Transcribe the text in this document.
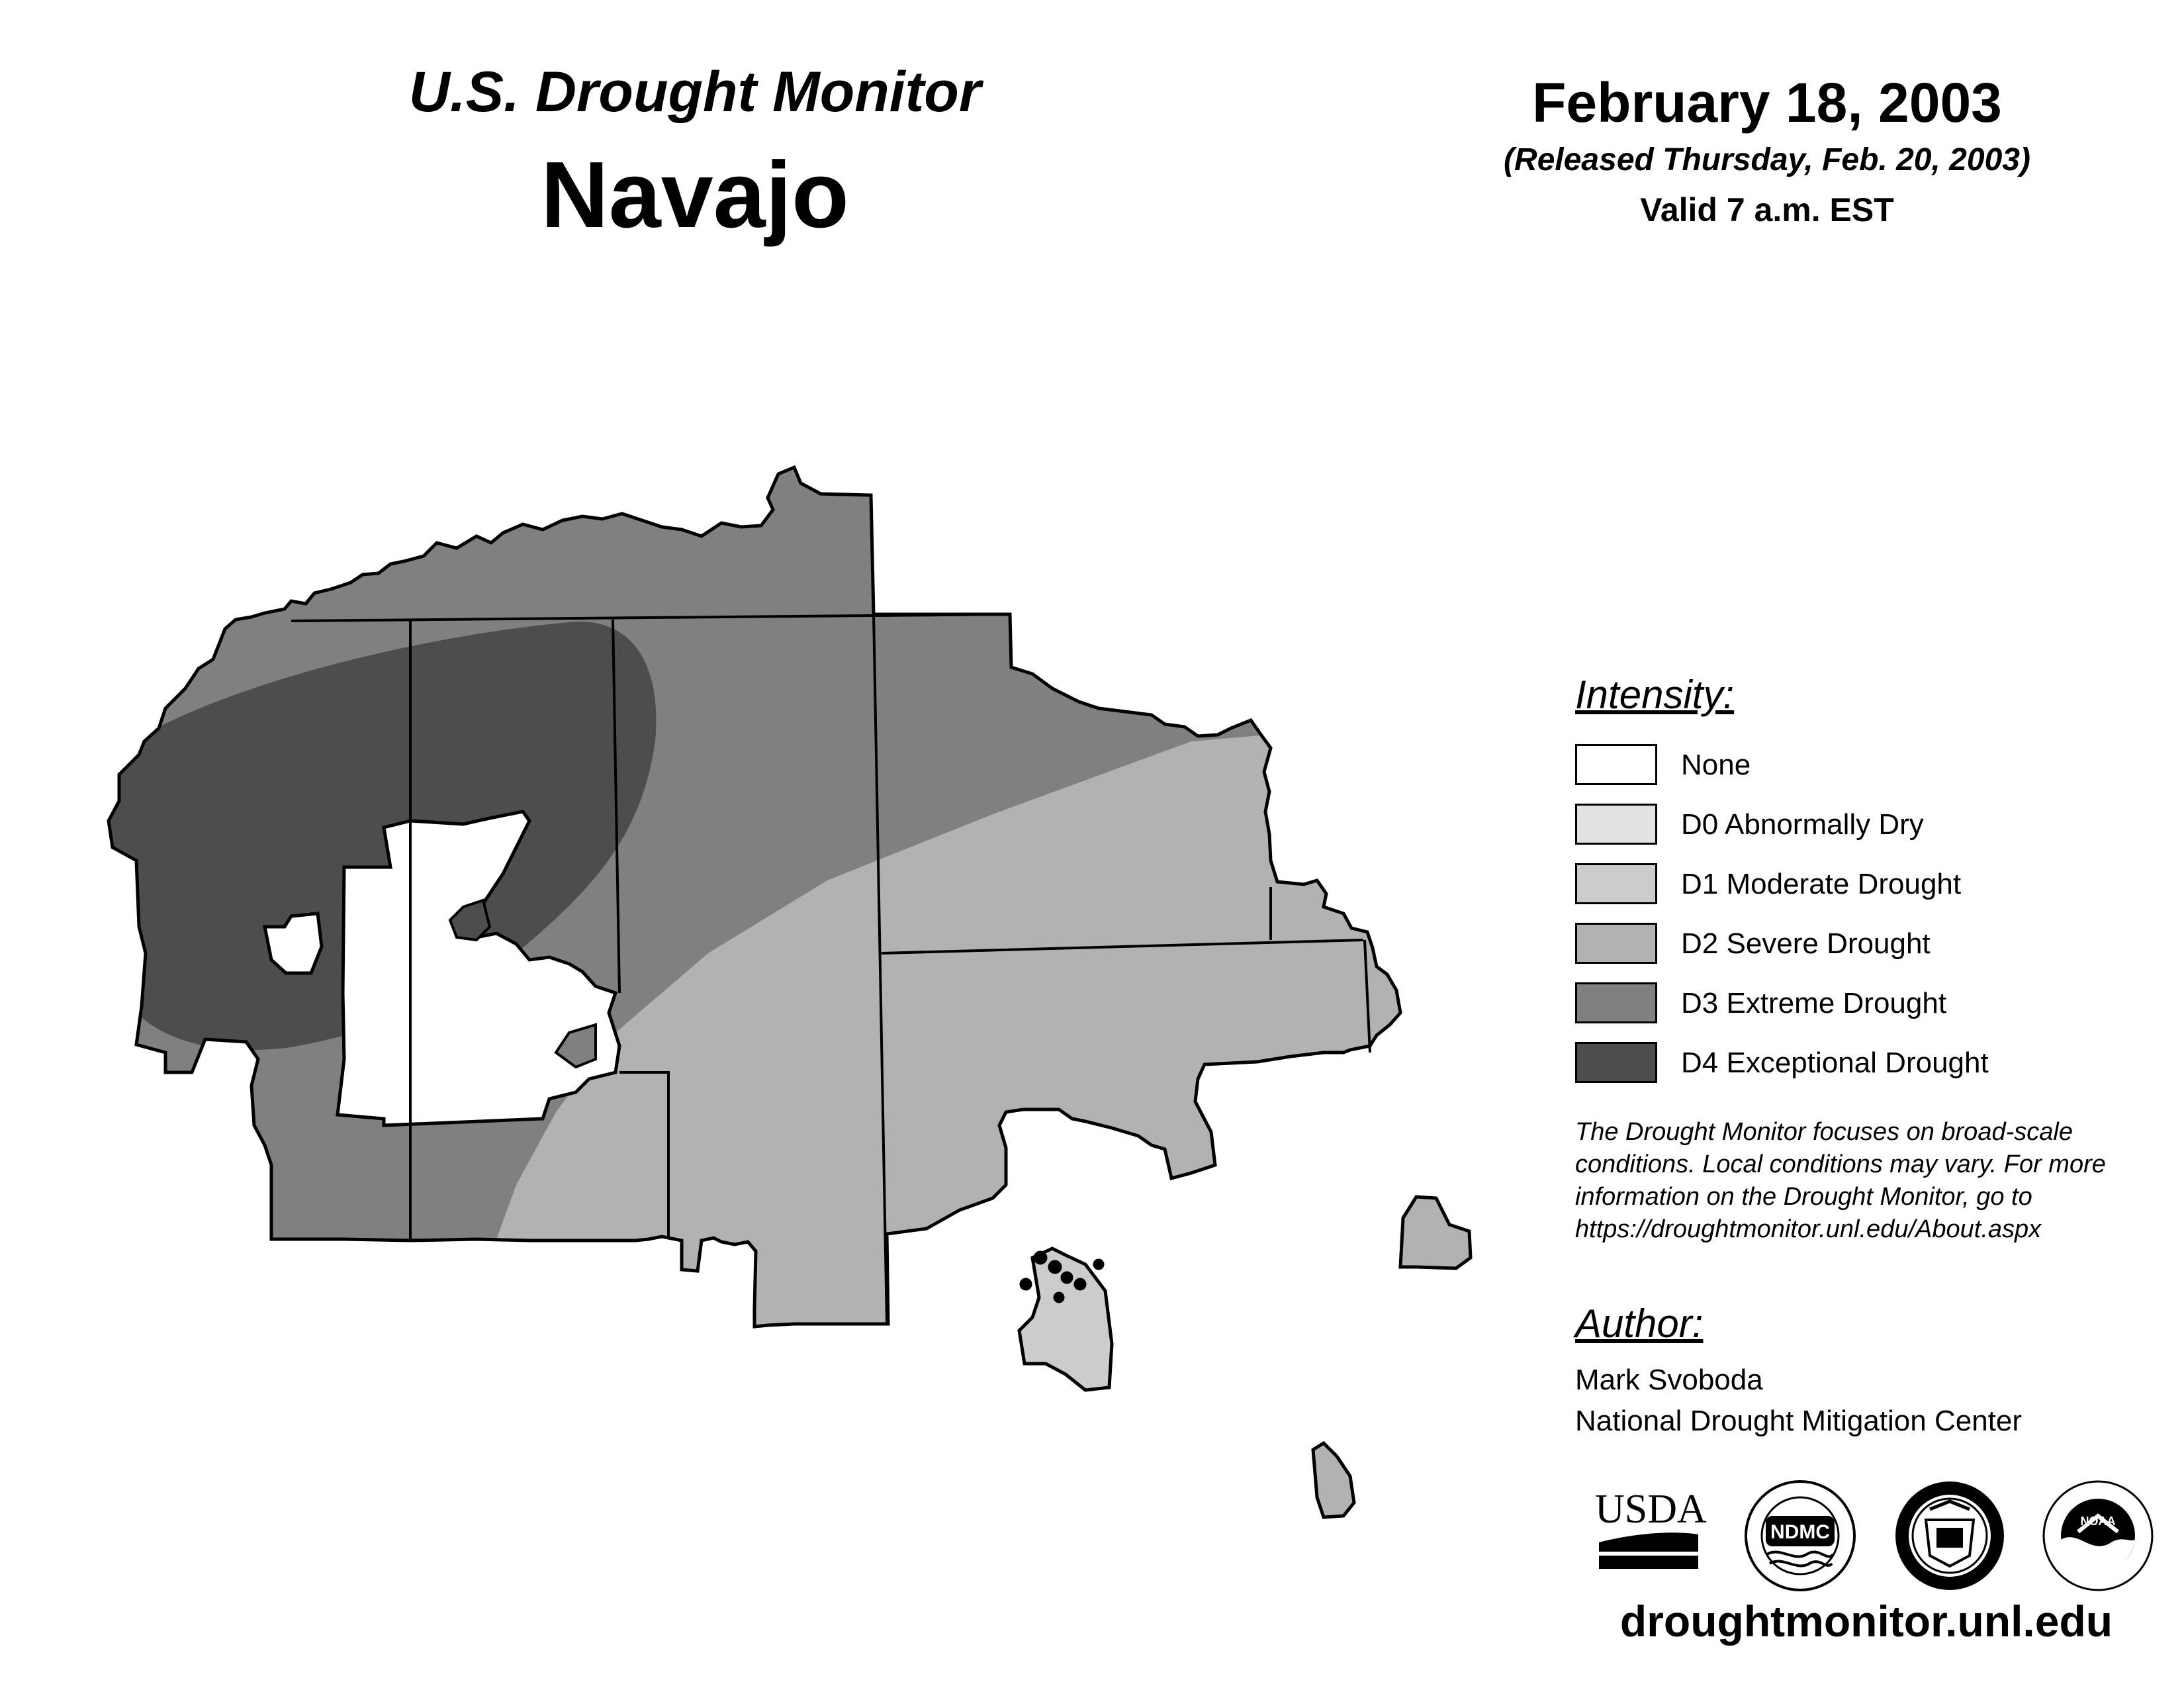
U.S. Drought Monitor
Navajo
February 18, 2003
(Released Thursday, Feb. 20, 2003)
Valid 7 a.m. EST
Intensity:
None
D0 Abnormally Dry
D1 Moderate Drought
D2 Severe Drought
D3 Extreme Drought
D4 Exceptional Drought
The Drought Monitor focuses on broad-scale
conditions. Local conditions may vary. For more
information on the Drought Monitor, go to
https://droughtmonitor.unl.edu/About.aspx
Author:
Mark Svoboda
National Drought Mitigation Center
USDA
NDMC	NOAA
droughtmonitor.unl.edu
